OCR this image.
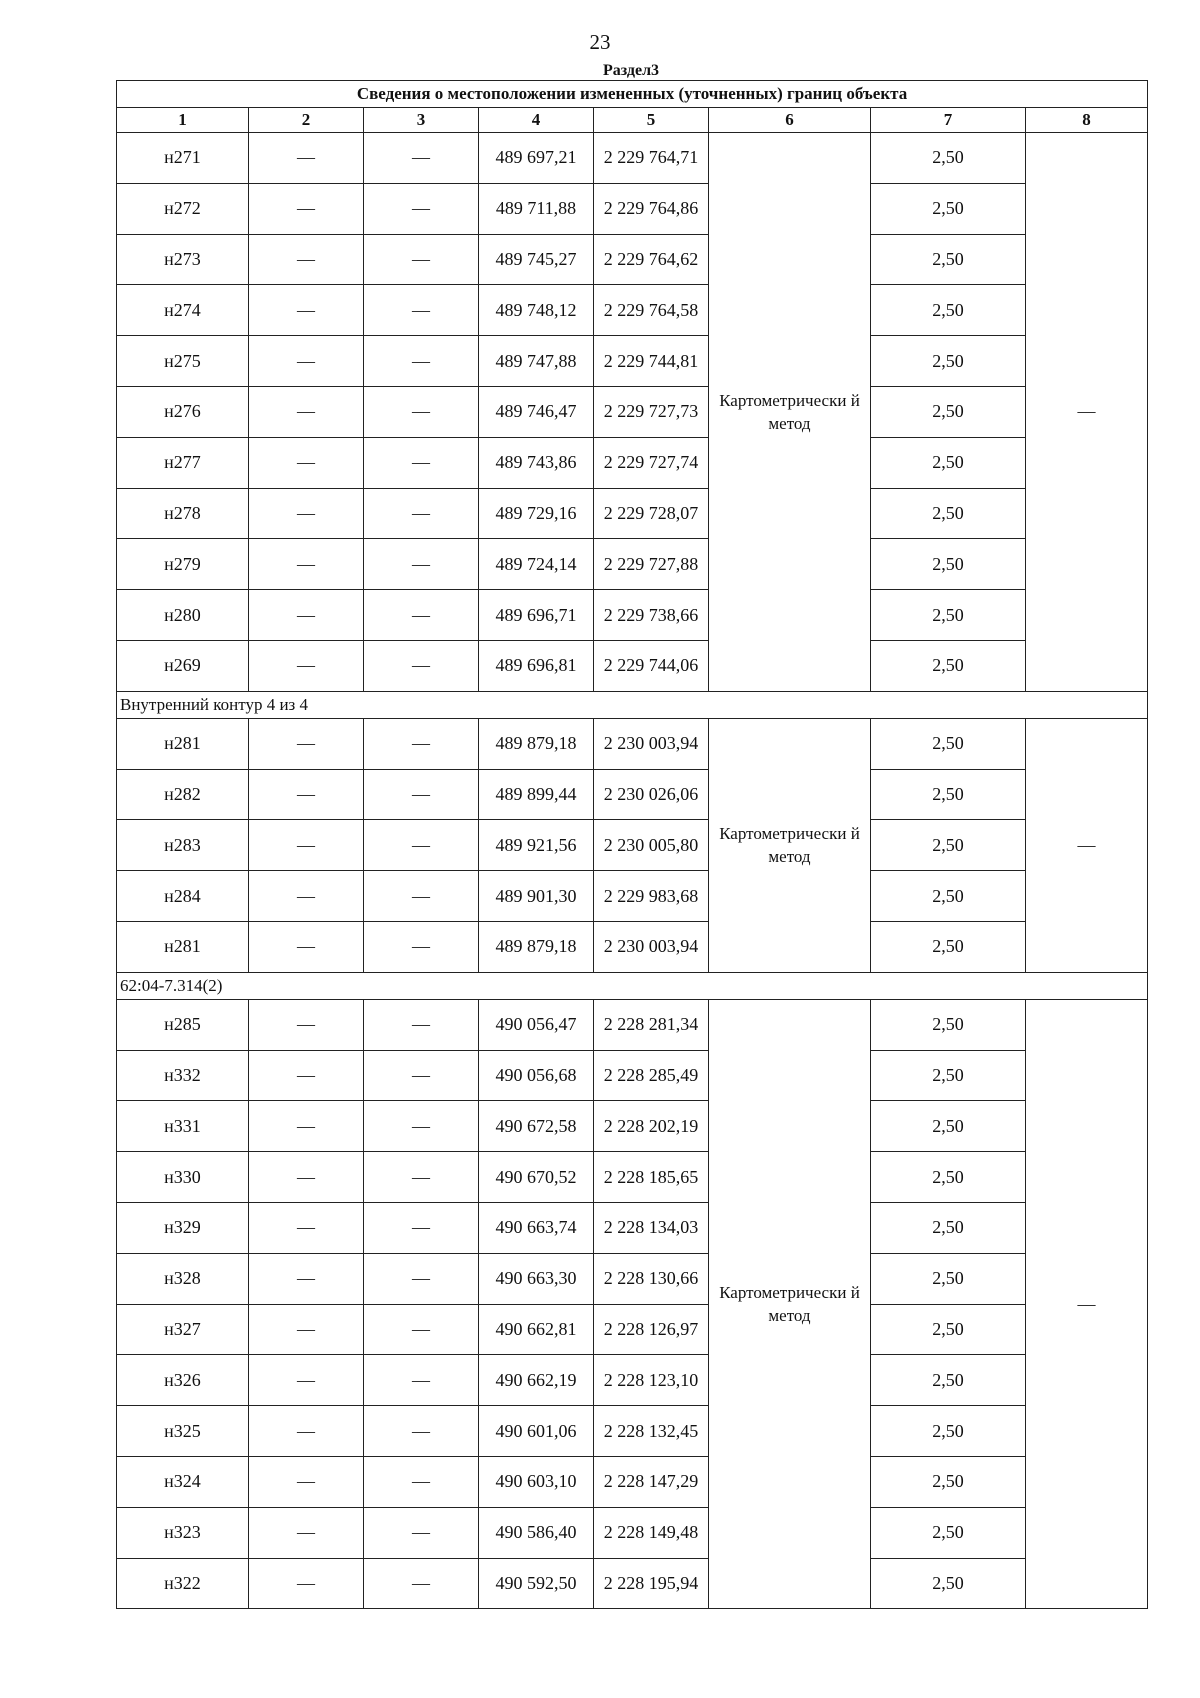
23
Раздел3
Сведения о местоположении измененных (уточненных) границ объекта							
1	2	3	4	5	6	7	8
н271	—	—	489 697,21	2 229 764,71	Картометрически й метод	2,50	—
н272	—	—	489 711,88	2 229 764,86		2,50	
н273	—	—	489 745,27	2 229 764,62		2,50	
н274	—	—	489 748,12	2 229 764,58		2,50	
н275	—	—	489 747,88	2 229 744,81		2,50	
н276	—	—	489 746,47	2 229 727,73		2,50	
н277	—	—	489 743,86	2 229 727,74		2,50	
н278	—	—	489 729,16	2 229 728,07		2,50	
н279	—	—	489 724,14	2 229 727,88		2,50	
н280	—	—	489 696,71	2 229 738,66		2,50	
н269	—	—	489 696,81	2 229 744,06		2,50	
Внутренний контур 4 из 4							
н281	—	—	489 879,18	2 230 003,94	Картометрически й метод	2,50	—
н282	—	—	489 899,44	2 230 026,06		2,50	
н283	—	—	489 921,56	2 230 005,80		2,50	
н284	—	—	489 901,30	2 229 983,68		2,50	
н281	—	—	489 879,18	2 230 003,94		2,50	
62:04-7.314(2)							
н285	—	—	490 056,47	2 228 281,34	Картометрически й метод	2,50	—
н332	—	—	490 056,68	2 228 285,49		2,50	
н331	—	—	490 672,58	2 228 202,19		2,50	
н330	—	—	490 670,52	2 228 185,65		2,50	
н329	—	—	490 663,74	2 228 134,03		2,50	
н328	—	—	490 663,30	2 228 130,66		2,50	
н327	—	—	490 662,81	2 228 126,97		2,50	
н326	—	—	490 662,19	2 228 123,10		2,50	
н325	—	—	490 601,06	2 228 132,45		2,50	
н324	—	—	490 603,10	2 228 147,29		2,50	
н323	—	—	490 586,40	2 228 149,48		2,50	
н322	—	—	490 592,50	2 228 195,94		2,50	
